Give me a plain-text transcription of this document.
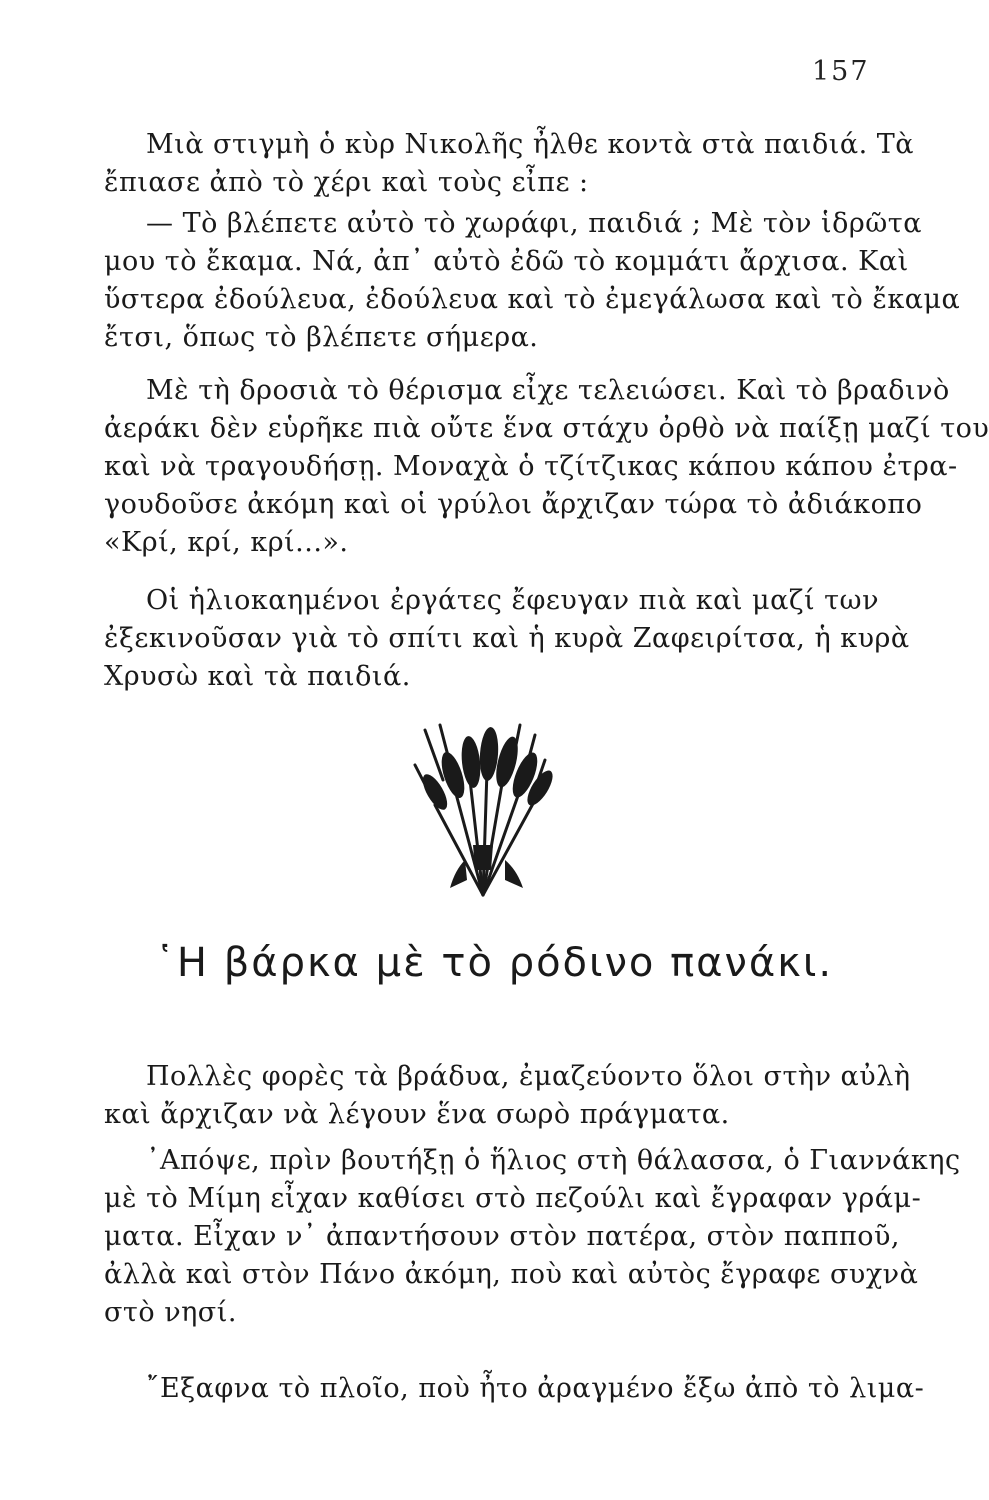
157
Μιὰ στιγμὴ ὁ κὺρ Νικολῆς ἦλθε κοντὰ στὰ παιδιά. Τὰ
ἔπιασε ἀπὸ τὸ χέρι καὶ τοὺς εἶπε :
— Τὸ βλέπετε αὐτὸ τὸ χωράφι, παιδιά ; Μὲ τὸν ἱδρῶτα
μου τὸ ἔκαμα. Νά, ἀπ᾿ αὐτὸ ἐδῶ τὸ κομμάτι ἄρχισα. Καὶ
ὕστερα ἐδούλευα, ἐδούλευα καὶ τὸ ἐμεγάλωσα καὶ τὸ ἔκαμα
ἔτσι, ὅπως τὸ βλέπετε σήμερα.
Μὲ τὴ δροσιὰ τὸ θέρισμα εἶχε τελειώσει. Καὶ τὸ βραδινὸ
ἀεράκι δὲν εὑρῆκε πιὰ οὔτε ἕνα στάχυ ὀρθὸ νὰ παίξῃ μαζί του
καὶ νὰ τραγουδήσῃ. Μοναχὰ ὁ τζίτζικας κάπου κάπου ἐτρα-
γουδοῦσε ἀκόμη καὶ οἱ γρύλοι ἄρχιζαν τώρα τὸ ἀδιάκοπο
«Κρί, κρί, κρί...».
Οἱ ἡλιοκαημένοι ἐργάτες ἔφευγαν πιὰ καὶ μαζί των
ἐξεκινοῦσαν γιὰ τὸ σπίτι καὶ ἡ κυρὰ Ζαφειρίτσα, ἡ κυρὰ
Χρυσὼ καὶ τὰ παιδιά.
῾Η βάρκα μὲ τὸ ρόδινο πανάκι.
Πολλὲς φορὲς τὰ βράδυα, ἐμαζεύοντο ὅλοι στὴν αὐλὴ
καὶ ἄρχιζαν νὰ λέγουν ἕνα σωρὸ πράγματα.
᾿Απόψε, πρὶν βουτήξῃ ὁ ἥλιος στὴ θάλασσα, ὁ Γιαννάκης
μὲ τὸ Μίμη εἶχαν καθίσει στὸ πεζούλι καὶ ἔγραφαν γράμ-
ματα. Εἶχαν ν᾿ ἀπαντήσουν στὸν πατέρα, στὸν παπποῦ,
ἀλλὰ καὶ στὸν Πάνο ἀκόμη, ποὺ καὶ αὐτὸς ἔγραφε συχνὰ
στὸ νησί.
῎Εξαφνα τὸ πλοῖο, ποὺ ἦτο ἀραγμένο ἔξω ἀπὸ τὸ λιμα-
